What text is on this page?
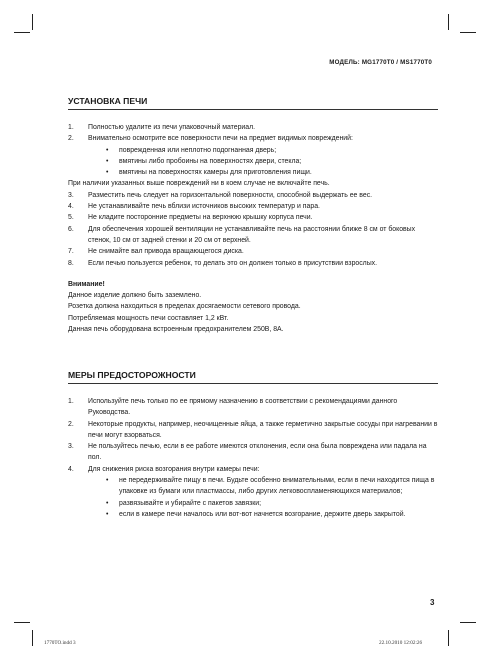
МОДЕЛЬ: MG1770T0 / MS1770T0
УСТАНОВКА ПЕЧИ
1.	Полностью удалите из печи упаковочный материал.
2.	Внимательно осмотрите все поверхности печи на предмет видимых повреждений:
•	поврежденная или неплотно подогнанная дверь;
•	вмятины либо пробоины на поверхностях двери, стекла;
•	вмятины на поверхностях камеры для приготовления пищи.

При наличии указанных выше повреждений ни в коем случае не включайте печь.

3.	Разместить печь следует на горизонтальной поверхности, способной выдержать ее вес.
4.	Не устанавливайте печь вблизи источников высоких температур и пара.
5.	Не кладите посторонние предметы на верхнюю крышку корпуса печи.
6.	Для обеспечения хорошей вентиляции не устанавливайте печь на расстоянии ближе 8 см от боковых стенок, 10 см от задней стенки и 20 см от верхней.
7.	Не снимайте вал привода вращающегося диска.
8.	Если печью пользуется ребенок, то делать это он должен только в присутствии взрослых.

Внимание!

Данное изделие должно быть заземлено.

Розетка должна находиться в пределах досягаемости сетевого провода.

Потребляемая мощность печи составляет 1,2 кВт.

Данная печь оборудована встроенным предохранителем 250В, 8А.

МЕРЫ ПРЕДОСТОРОЖНОСТИ
1.	Используйте печь только по ее прямому назначению в соответствии с рекомендациями данного Руководства.
2.	Некоторые продукты, например, неочищенные яйца, а также герметично закрытые сосуды при нагревании в печи могут взорваться.
3.	Не пользуйтесь печью, если в ее работе имеются отклонения, если она была повреждена или падала на пол.
4.	Для снижения риска возгорания внутри камеры печи:
•	не передерживайте пищу в печи. Будьте особенно внимательными, если в печи находится пища в упаковке из бумаги или пластмассы, либо других легковоспламеняющихся материалов;
•	развязывайте и убирайте с пакетов завязки;
•	если в камере печи началось или вот-вот начнется возгорание, держите дверь закрытой.
3
1770TO.indd 3	22.10.2010 12:02:26
